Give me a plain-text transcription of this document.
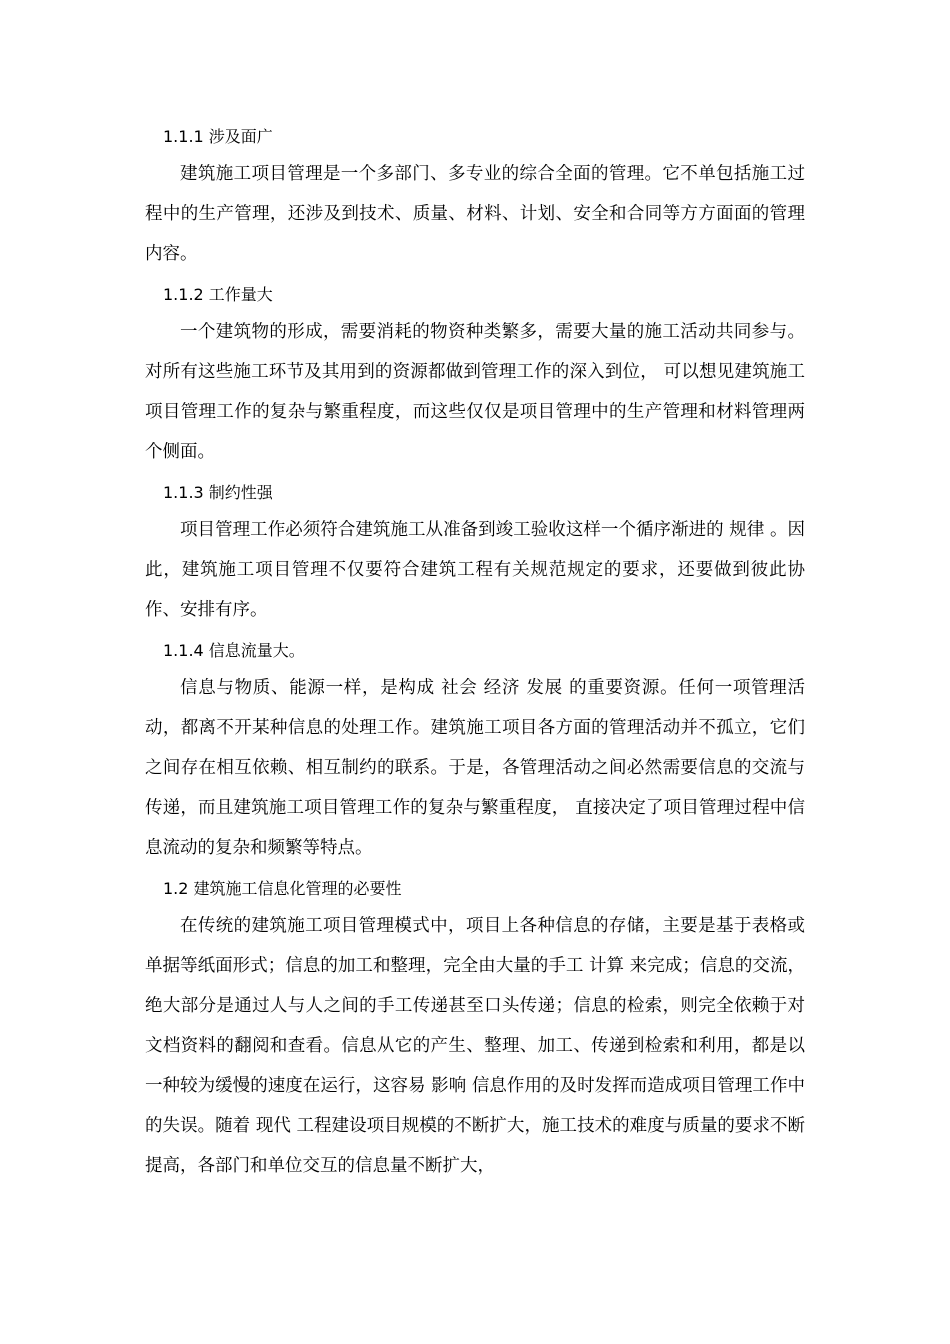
1.1.1 涉及面广

建筑施工项目管理是一个多部门、多专业的综合全面的管理。它不单包括施工过程中的生产管理，还涉及到技术、质量、材料、计划、安全和合同等方方面面的管理内容。

1.1.2 工作量大

一个建筑物的形成，需要消耗的物资种类繁多，需要大量的施工活动共同参与。对所有这些施工环节及其用到的资源都做到管理工作的深入到位， 可以想见建筑施工项目管理工作的复杂与繁重程度，而这些仅仅是项目管理中的生产管理和材料管理两个侧面。

1.1.3 制约性强

项目管理工作必须符合建筑施工从准备到竣工验收这样一个循序渐进的 规律 。因此，建筑施工项目管理不仅要符合建筑工程有关规范规定的要求，还要做到彼此协作、安排有序。

1.1.4 信息流量大。

信息与物质、能源一样，是构成 社会 经济 发展 的重要资源。任何一项管理活动，都离不开某种信息的处理工作。建筑施工项目各方面的管理活动并不孤立，它们之间存在相互依赖、相互制约的联系。于是，各管理活动之间必然需要信息的交流与传递，而且建筑施工项目管理工作的复杂与繁重程度， 直接决定了项目管理过程中信息流动的复杂和频繁等特点。

1.2 建筑施工信息化管理的必要性

在传统的建筑施工项目管理模式中，项目上各种信息的存储，主要是基于表格或单据等纸面形式；信息的加工和整理，完全由大量的手工 计算 来完成；信息的交流，绝大部分是通过人与人之间的手工传递甚至口头传递；信息的检索，则完全依赖于对文档资料的翻阅和查看。信息从它的产生、整理、加工、传递到检索和利用，都是以一种较为缓慢的速度在运行，这容易 影响 信息作用的及时发挥而造成项目管理工作中的失误。随着 现代 工程建设项目规模的不断扩大，施工技术的难度与质量的要求不断提高，各部门和单位交互的信息量不断扩大，
